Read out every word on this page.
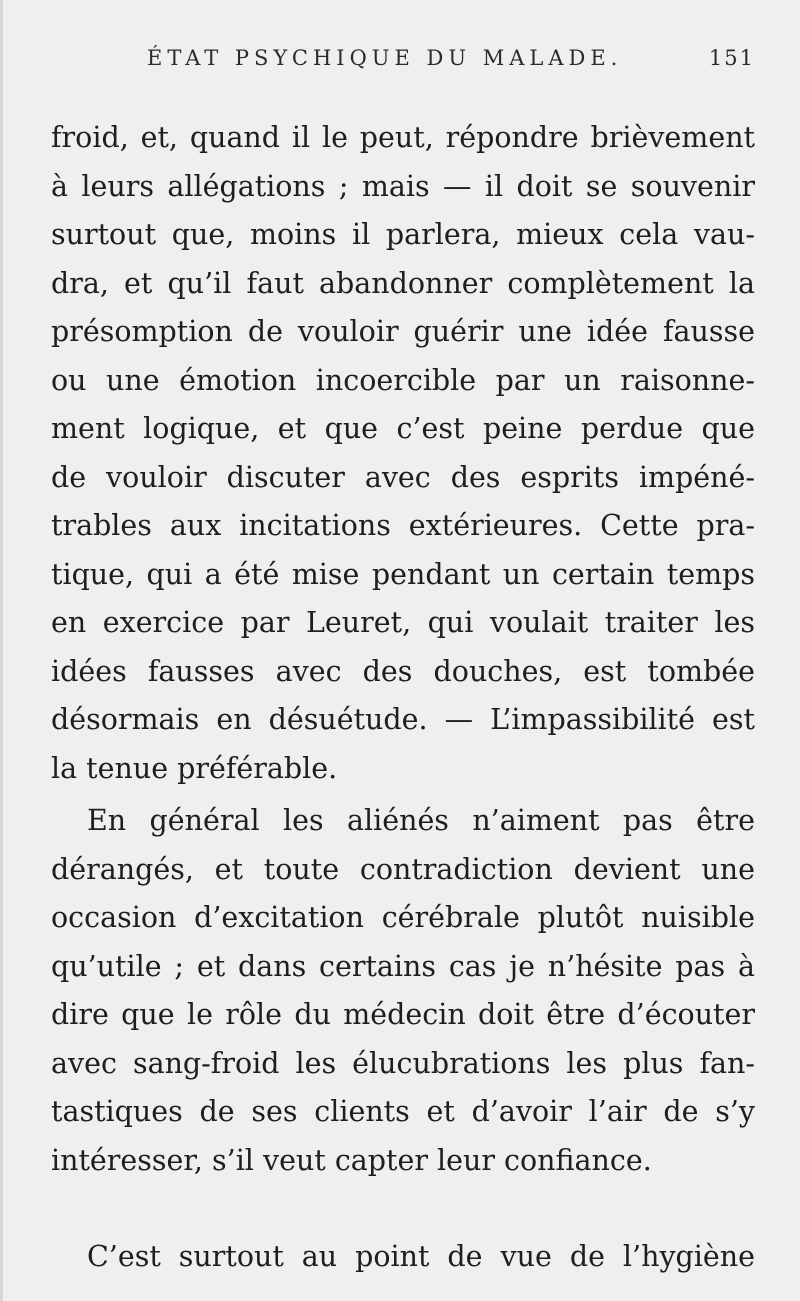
ÉTAT PSYCHIQUE DU MALADE.	151
froid, et, quand il le peut, répondre brièvement
à leurs allégations ; mais — il doit se souvenir
surtout que, moins il parlera, mieux cela vau-
dra, et qu’il faut abandonner complètement la
présomption de vouloir guérir une idée fausse
ou une émotion incoercible par un raisonne-
ment logique, et que c’est peine perdue que
de vouloir discuter avec des esprits impéné-
trables aux incitations extérieures. Cette pra-
tique, qui a été mise pendant un certain temps
en exercice par Leuret, qui voulait traiter les
idées fausses avec des douches, est tombée
désormais en désuétude. — L’impassibilité est
la tenue préférable.
En général les aliénés n’aiment pas être
dérangés, et toute contradiction devient une
occasion d’excitation cérébrale plutôt nuisible
qu’utile ; et dans certains cas je n’hésite pas à
dire que le rôle du médecin doit être d’écouter
avec sang-froid les élucubrations les plus fan-
tastiques de ses clients et d’avoir l’air de s’y
intéresser, s’il veut capter leur confiance.
C’est surtout au point de vue de l’hygiène
